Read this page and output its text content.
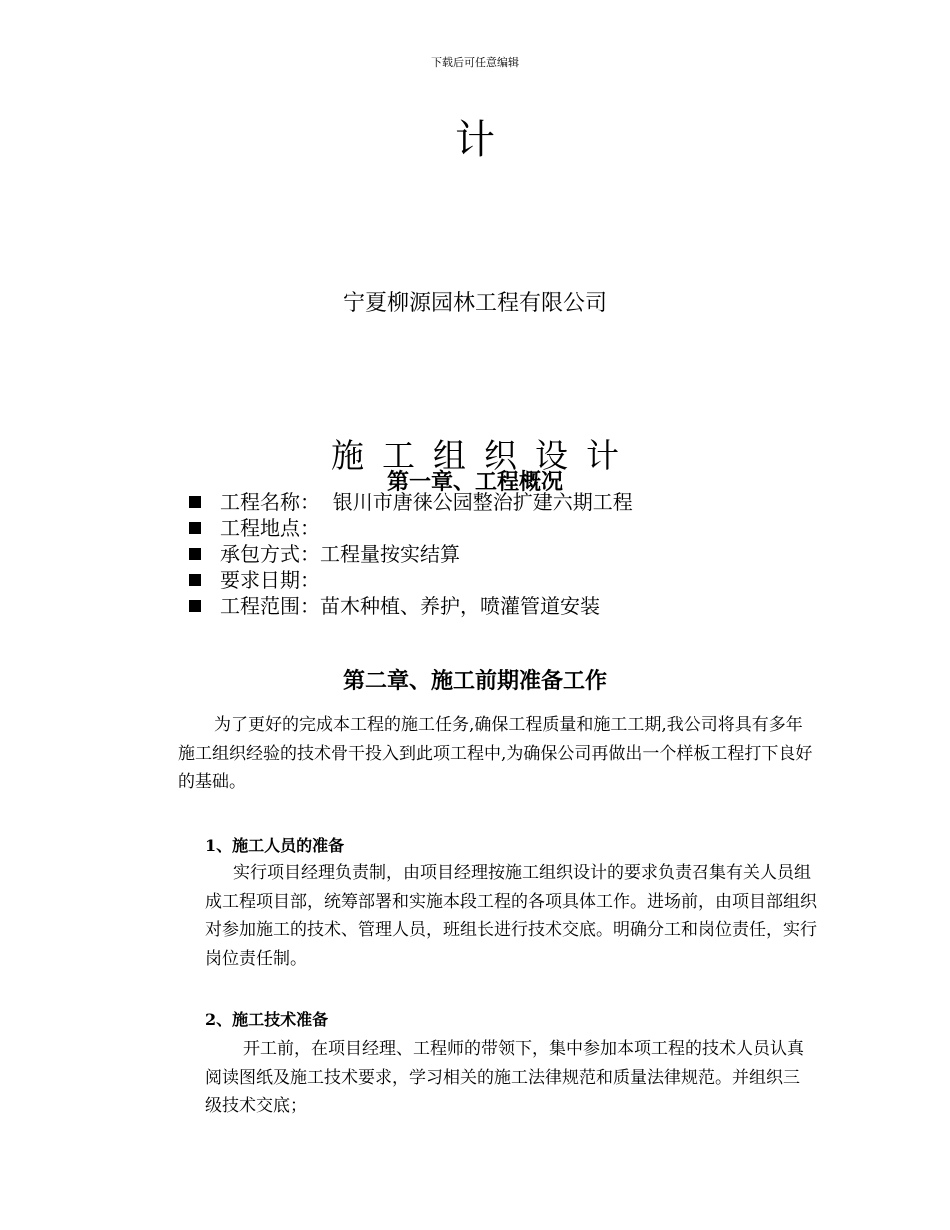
下载后可任意编辑
计
宁夏柳源园林工程有限公司
施工组织设计
第一章、工程概况
工程名称： 银川市唐徕公园整治扩建六期工程
工程地点：
承包方式： 工程量按实结算
要求日期：
工程范围： 苗木种植、养护，喷灌管道安装
第二章、施工前期准备工作

为了更好的完成本工程的施工任务,确保工程质量和施工工期,我公司将具有多年施工组织经验的技术骨干投入到此项工程中,为确保公司再做出一个样板工程打下良好的基础。

1、施工人员的准备

实行项目经理负责制，由项目经理按施工组织设计的要求负责召集有关人员组成工程项目部，统筹部署和实施本段工程的各项具体工作。进场前，由项目部组织对参加施工的技术、管理人员，班组长进行技术交底。明确分工和岗位责任，实行岗位责任制。

2、施工技术准备

开工前，在项目经理、工程师的带领下，集中参加本项工程的技术人员认真阅读图纸及施工技术要求，学习相关的施工法律规范和质量法律规范。并组织三级技术交底；
